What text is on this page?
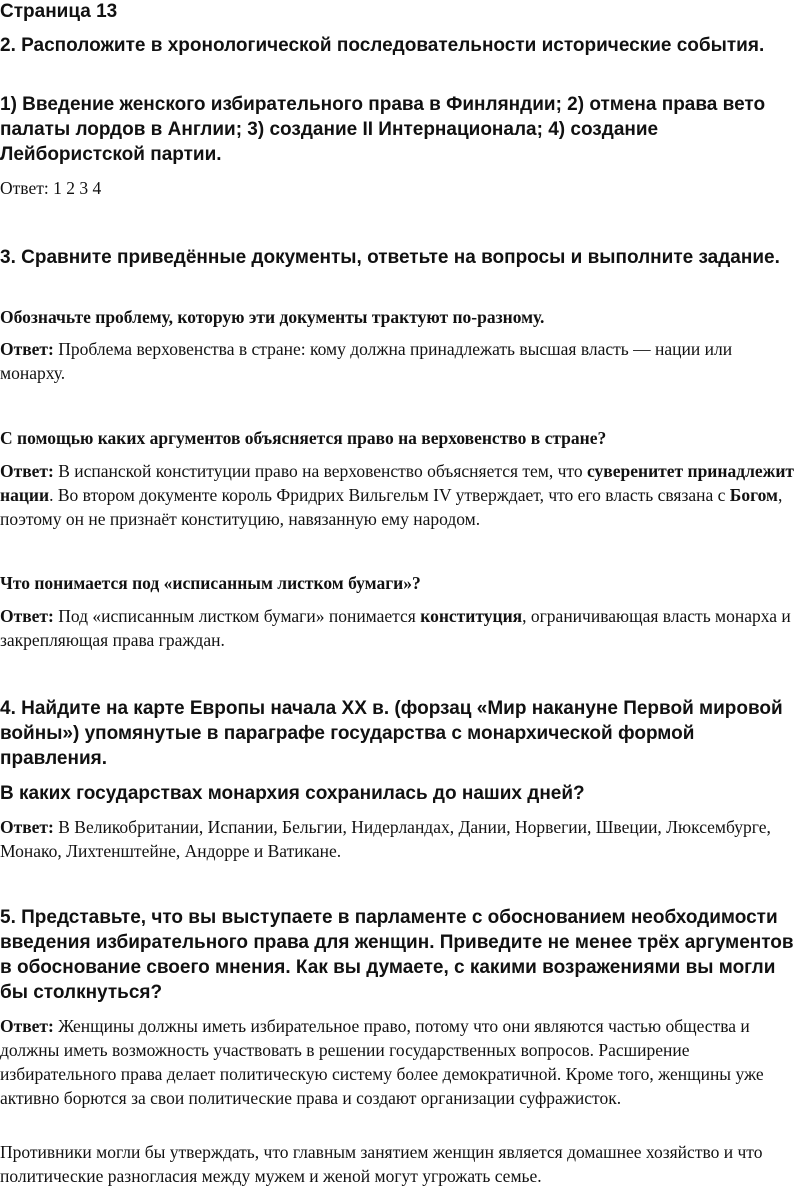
Страница 13

2. Расположите в хронологической последовательности исторические события.

1) Введение женского избирательного права в Финляндии; 2) отмена права вето палаты лордов в Англии; 3) создание II Интернационала; 4) создание Лейбористской партии.

Ответ: 1 2 3 4

3. Сравните приведённые документы, ответьте на вопросы и выполните задание.

Обозначьте проблему, которую эти документы трактуют по-разному.

Ответ: Проблема верховенства в стране: кому должна принадлежать высшая власть — нации или монарху.

С помощью каких аргументов объясняется право на верховенство в стране?

Ответ: В испанской конституции право на верховенство объясняется тем, что суверенитет принадлежит нации. Во втором документе король Фридрих Вильгельм IV утверждает, что его власть связана с Богом, поэтому он не признаёт конституцию, навязанную ему народом.

Что понимается под «исписанным листком бумаги»?

Ответ: Под «исписанным листком бумаги» понимается конституция, ограничивающая власть монарха и закрепляющая права граждан.

4. Найдите на карте Европы начала XX в. (форзац «Мир накануне Первой мировой войны») упомянутые в параграфе государства с монархической формой правления.

В каких государствах монархия сохранилась до наших дней?

Ответ: В Великобритании, Испании, Бельгии, Нидерландах, Дании, Норвегии, Швеции, Люксембурге, Монако, Лихтенштейне, Андорре и Ватикане.

5. Представьте, что вы выступаете в парламенте с обоснованием необходимости введения избирательного права для женщин. Приведите не менее трёх аргументов в обоснование своего мнения. Как вы думаете, с какими возражениями вы могли бы столкнуться?

Ответ: Женщины должны иметь избирательное право, потому что они являются частью общества и должны иметь возможность участвовать в решении государственных вопросов. Расширение избирательного права делает политическую систему более демократичной. Кроме того, женщины уже активно борются за свои политические права и создают организации суфражисток.

Противники могли бы утверждать, что главным занятием женщин является домашнее хозяйство и что политические разногласия между мужем и женой могут угрожать семье.
